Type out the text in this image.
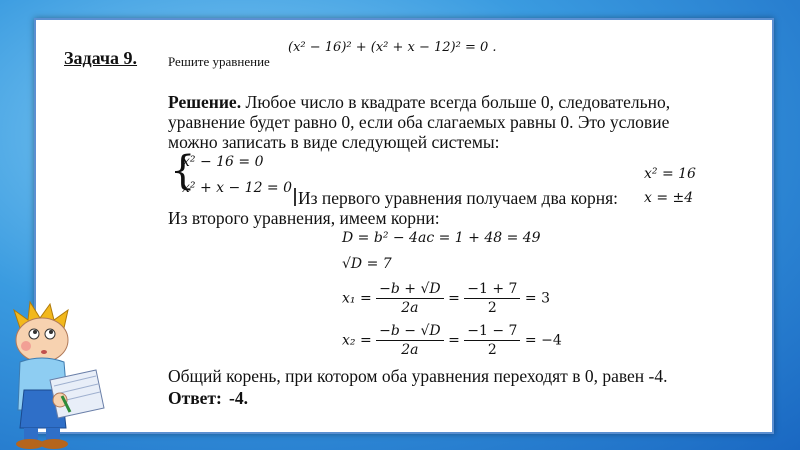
Задача 9. Решите уравнение
(x² − 16)² + (x² + x − 12)² = 0 .
Решение. Любое число в квадрате всегда больше 0, следовательно,
уравнение будет равно 0, если оба слагаемых равны 0. Это условие
можно записать в виде следующей системы:
{
x² − 16 = 0
x² + x − 12 = 0 Из первого уравнения получаем два корня:
x² = 16
x = ±4
Из второго уравнения, имеем корни:
D = b² − 4ac = 1 + 48 = 49
√D = 7
$x_1 = \frac{-b + √D}{2a} = \frac{-1 + 7}{2} = 3$
$x_2 = \frac{-b - √D}{2a} = \frac{-1 - 7}{2} = -4$
Общий корень, при котором оба уравнения переходят в 0, равен -4.
Ответ: -4.
